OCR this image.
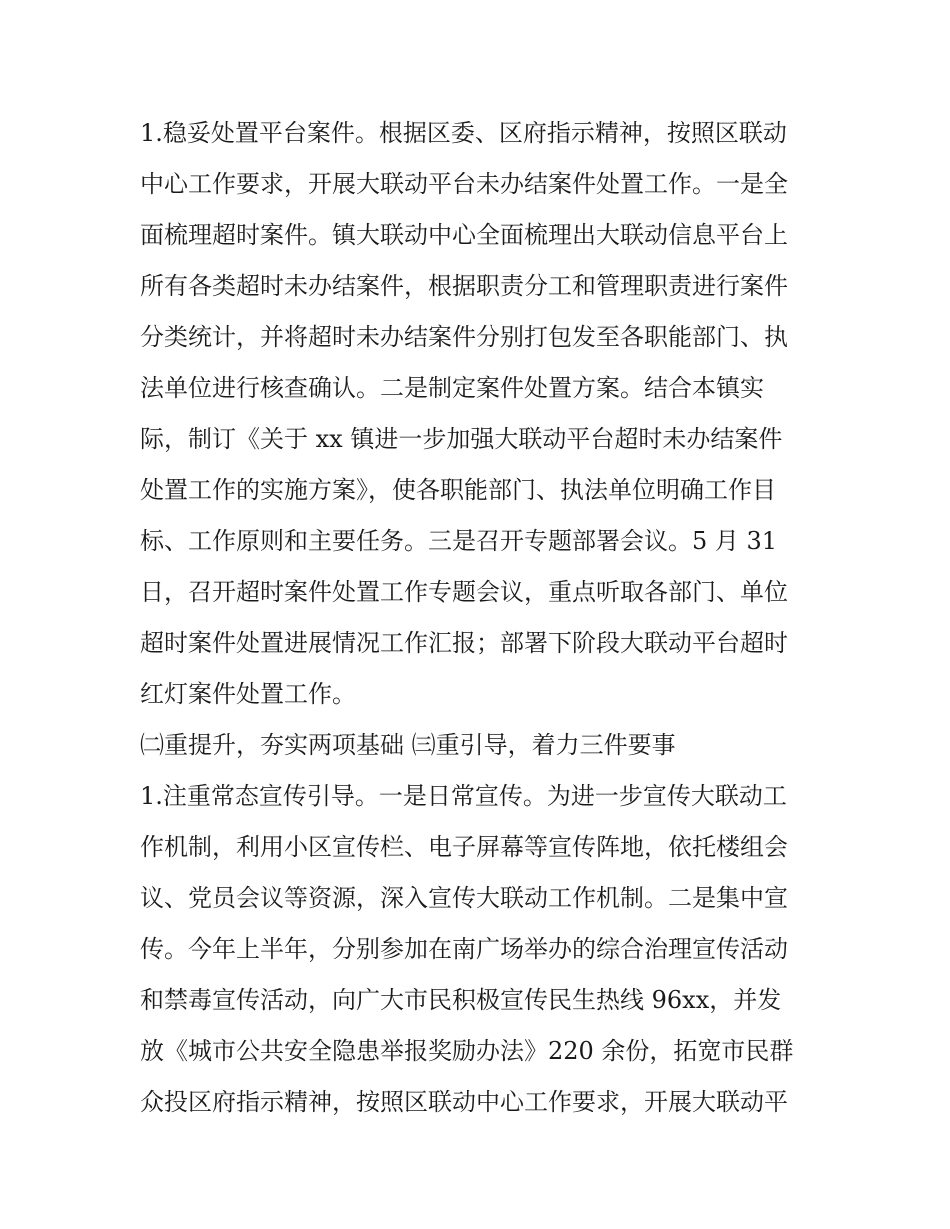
1.稳妥处置平台案件。根据区委、区府指示精神，按照区联动
中心工作要求，开展大联动平台未办结案件处置工作。一是全
面梳理超时案件。镇大联动中心全面梳理出大联动信息平台上
所有各类超时未办结案件，根据职责分工和管理职责进行案件
分类统计，并将超时未办结案件分别打包发至各职能部门、执
法单位进行核查确认。二是制定案件处置方案。结合本镇实
际，制订《关于 xx 镇进一步加强大联动平台超时未办结案件
处置工作的实施方案》，使各职能部门、执法单位明确工作目
标、工作原则和主要任务。三是召开专题部署会议。5 月 31
日，召开超时案件处置工作专题会议，重点听取各部门、单位
超时案件处置进展情况工作汇报；部署下阶段大联动平台超时
红灯案件处置工作。
㈡重提升，夯实两项基础 ㈢重引导，着力三件要事
1.注重常态宣传引导。一是日常宣传。为进一步宣传大联动工
作机制，利用小区宣传栏、电子屏幕等宣传阵地，依托楼组会
议、党员会议等资源，深入宣传大联动工作机制。二是集中宣
传。今年上半年，分别参加在南广场举办的综合治理宣传活动
和禁毒宣传活动，向广大市民积极宣传民生热线 96xx，并发
放《城市公共安全隐患举报奖励办法》220 余份，拓宽市民群
众投区府指示精神，按照区联动中心工作要求，开展大联动平
